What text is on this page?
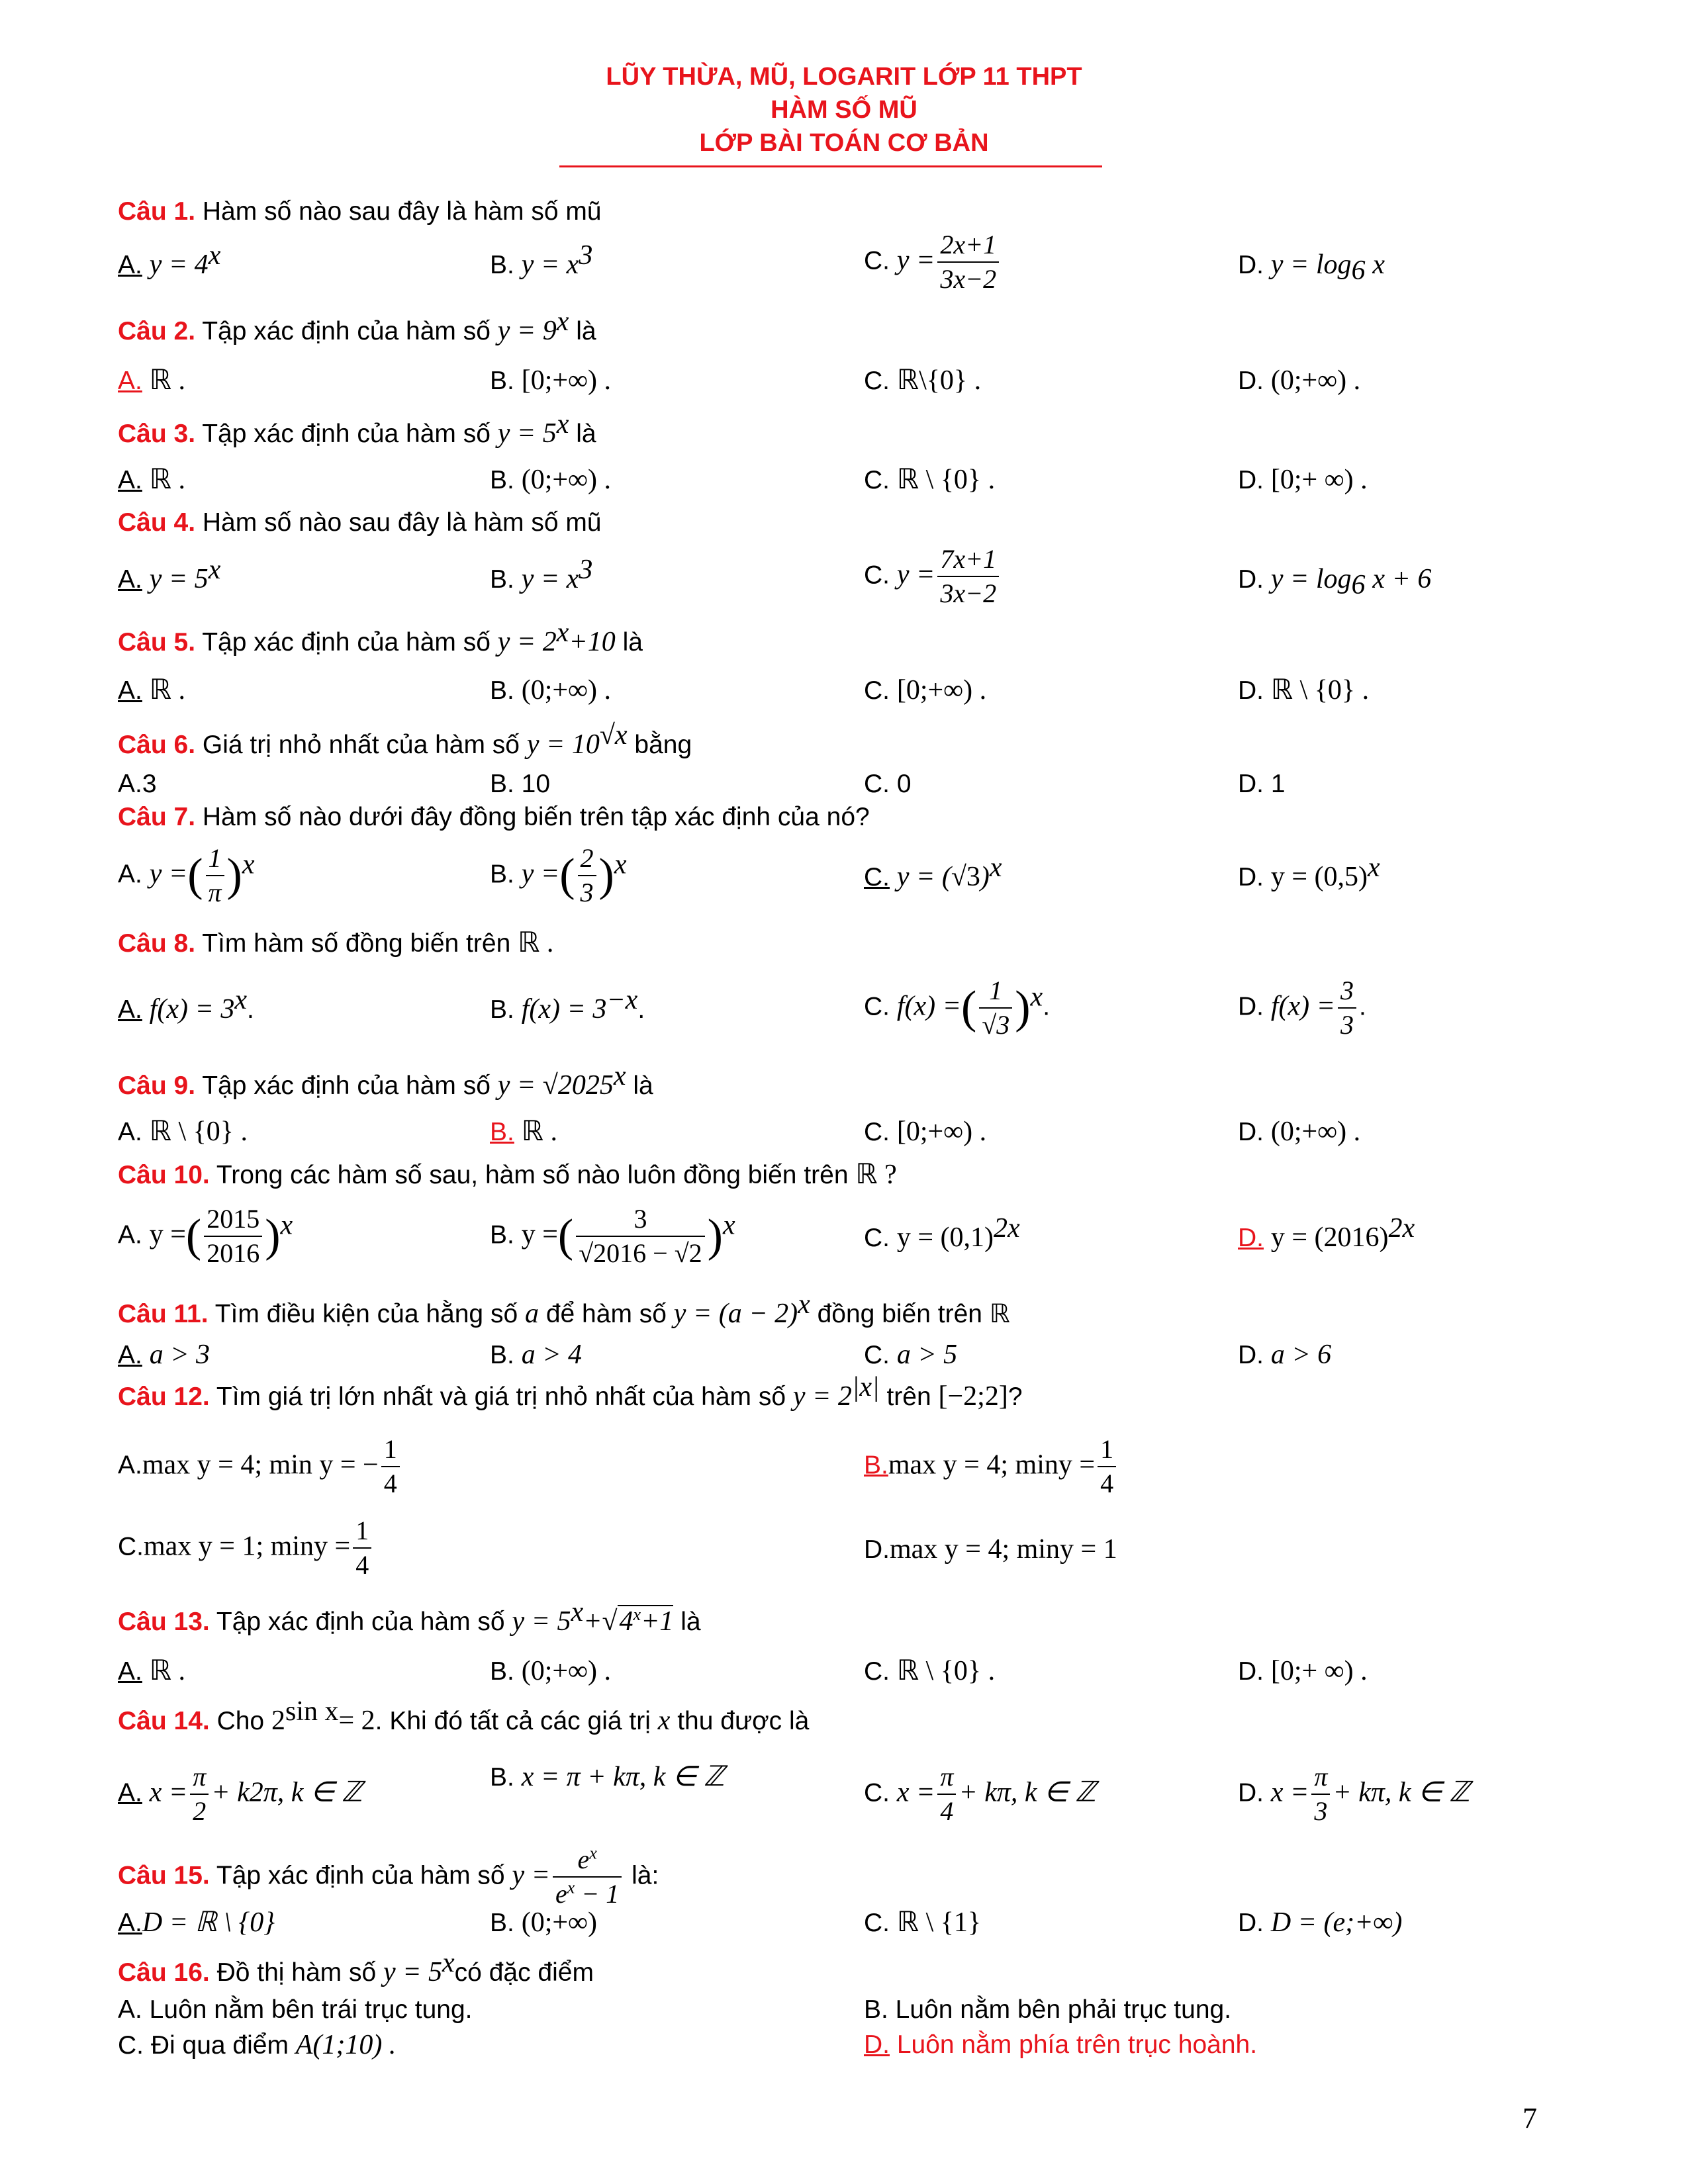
LŨY THỪA, MŨ, LOGARIT LỚP 11 THPT
HÀM SỐ MŨ
LỚP BÀI TOÁN CƠ BẢN
Câu 1. Hàm số nào sau đây là hàm số mũ
A. $y = 4^x$	B. $y = x^3$	C. $y = \frac{2x+1}{3x-2}$	D. $y = \log_6 x$
Câu 2. Tập xác định của hàm số $y = 9^x$ là
A. ℝ .	B. [0;+∞) .	C. ℝ\{0} .	D. (0;+∞) .
Câu 3. Tập xác định của hàm số $y = 5^x$ là
A. ℝ .	B. (0;+∞) .	C. ℝ \ {0} .	D. [0;+ ∞) .
Câu 4. Hàm số nào sau đây là hàm số mũ
A. $y = 5^x$	B. $y = x^3$	C. $y = \frac{7x+1}{3x-2}$	D. $y = \log_6 x + 6$
Câu 5. Tập xác định của hàm số $y = 2^x+10$ là
A. ℝ .	B. (0;+∞) .	C. [0;+∞) .	D. ℝ \ {0} .
Câu 6. Giá trị nhỏ nhất của hàm số $y = 10^{√x}$ bằng
A.3	B. 10	C. 0	D. 1
Câu 7. Hàm số nào dưới đây đồng biến trên tập xác định của nó?
A. y =( $\frac{1}{\pi} )^x$	B. y =( $\frac{2}{3} )^x$	C. $y = (√3)^x$	D. $y = (0,5)^x$
Câu 8. Tìm hàm số đồng biến trên ℝ .
A. $f(x) = 3^x$.	B. $f(x) = 3^{-x}$.	C. f(x) =( $\frac{1}{√3} )^x$.	D. $f(x) = \frac{3}{3}$ .
Câu 9. Tập xác định của hàm số $y = √2025^x$ là
A. ℝ \ {0} .	B. ℝ .	C. [0;+∞) .	D. (0;+∞) .
Câu 10. Trong các hàm số sau, hàm số nào luôn đồng biến trên ℝ ?
A. y =( $\frac{2015}{2016} )^x$	B. y =( $\frac{3}{√2016 - √2} )^x$	C. $y = (0,1)^{2x}$	D. $y = (2016)^{2x}$
Câu 11. Tìm điều kiện của hằng số a để hàm số $y = (a - 2)^x$ đồng biến trên ℝ
A. a > 3	B. a > 4	C. a > 5	D. a > 6
Câu 12. Tìm giá trị lớn nhất và giá trị nhỏ nhất của hàm số $y = 2^{|x|}$ trên [−2;2]?
A.max y = 4; min y = − $\frac{1}{4}$	B.max y = 4; $\min y = \frac{1}{4}$
C.max y = 1; $\min y = \frac{1}{4}$	D.max y = 4; miny = 1
Câu 13. Tập xác định của hàm số $y = 5^x+√4^x+1$ là
A. ℝ .	B. (0;+∞) .	C. ℝ \ {0} .	D. [0;+ ∞) .
Câu 14. Cho $2^{sin x}= 2$. Khi đó tất cả các giá trị x thu được là
A. $x = \frac{\pi}{2} + k2\pi$, k ∈ ℤ	B. x = π + kπ, k ∈ ℤ
C. $x = \frac{\pi}{4} + k\pi$, k ∈ ℤ	D. $x = \frac{\pi}{3} + k\pi$, k ∈ ℤ
Câu 15. Tập xác định của hàm số $y = \frac{e^x}{e^x - 1}$ là:
A.D = ℝ \ {0}	B. (0;+∞)	C. ℝ \ {1}	D. D = (e;+∞)
Câu 16. Đồ thị hàm số $y = 5^xcó$ đặc điểm
A. Luôn nằm bên trái trục tung.	B. Luôn nằm bên phải trục tung.
C. Đi qua điểm A(1;10) .	D. Luôn nằm phía trên trục hoành.
7
